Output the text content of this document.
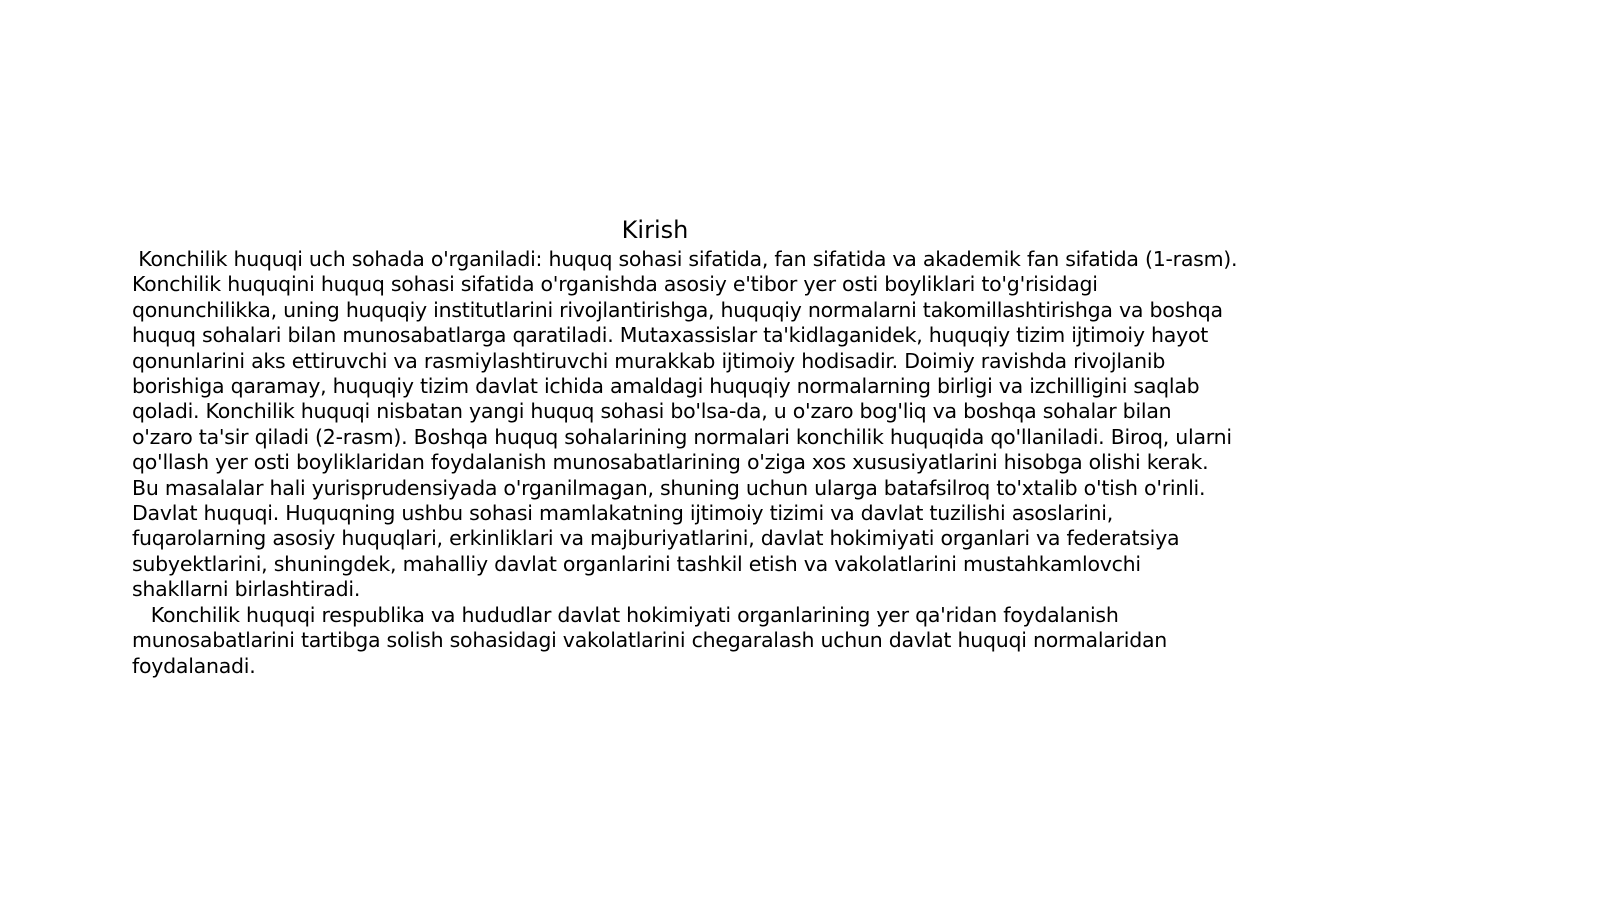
Kirish
Konchilik huquqi uch sohada o'rganiladi: huquq sohasi sifatida, fan sifatida va akademik fan sifatida (1-rasm).
Konchilik huquqini huquq sohasi sifatida o'rganishda asosiy e'tibor yer osti boyliklari to'g'risidagi
qonunchilikka, uning huquqiy institutlarini rivojlantirishga, huquqiy normalarni takomillashtirishga va boshqa
huquq sohalari bilan munosabatlarga qaratiladi. Mutaxassislar ta'kidlaganidek, huquqiy tizim ijtimoiy hayot
qonunlarini aks ettiruvchi va rasmiylashtiruvchi murakkab ijtimoiy hodisadir. Doimiy ravishda rivojlanib
borishiga qaramay, huquqiy tizim davlat ichida amaldagi huquqiy normalarning birligi va izchilligini saqlab
qoladi. Konchilik huquqi nisbatan yangi huquq sohasi bo'lsa-da, u o'zaro bog'liq va boshqa sohalar bilan
o'zaro ta'sir qiladi (2-rasm). Boshqa huquq sohalarining normalari konchilik huquqida qo'llaniladi. Biroq, ularni
qo'llash yer osti boyliklaridan foydalanish munosabatlarining o'ziga xos xususiyatlarini hisobga olishi kerak.
Bu masalalar hali yurisprudensiyada o'rganilmagan, shuning uchun ularga batafsilroq to'xtalib o'tish o'rinli.
Davlat huquqi. Huquqning ushbu sohasi mamlakatning ijtimoiy tizimi va davlat tuzilishi asoslarini,
fuqarolarning asosiy huquqlari, erkinliklari va majburiyatlarini, davlat hokimiyati organlari va federatsiya
subyektlarini, shuningdek, mahalliy davlat organlarini tashkil etish va vakolatlarini mustahkamlovchi
shakllarni birlashtiradi.
Konchilik huquqi respublika va hududlar davlat hokimiyati organlarining yer qa'ridan foydalanish
munosabatlarini tartibga solish sohasidagi vakolatlarini chegaralash uchun davlat huquqi normalaridan
foydalanadi.
